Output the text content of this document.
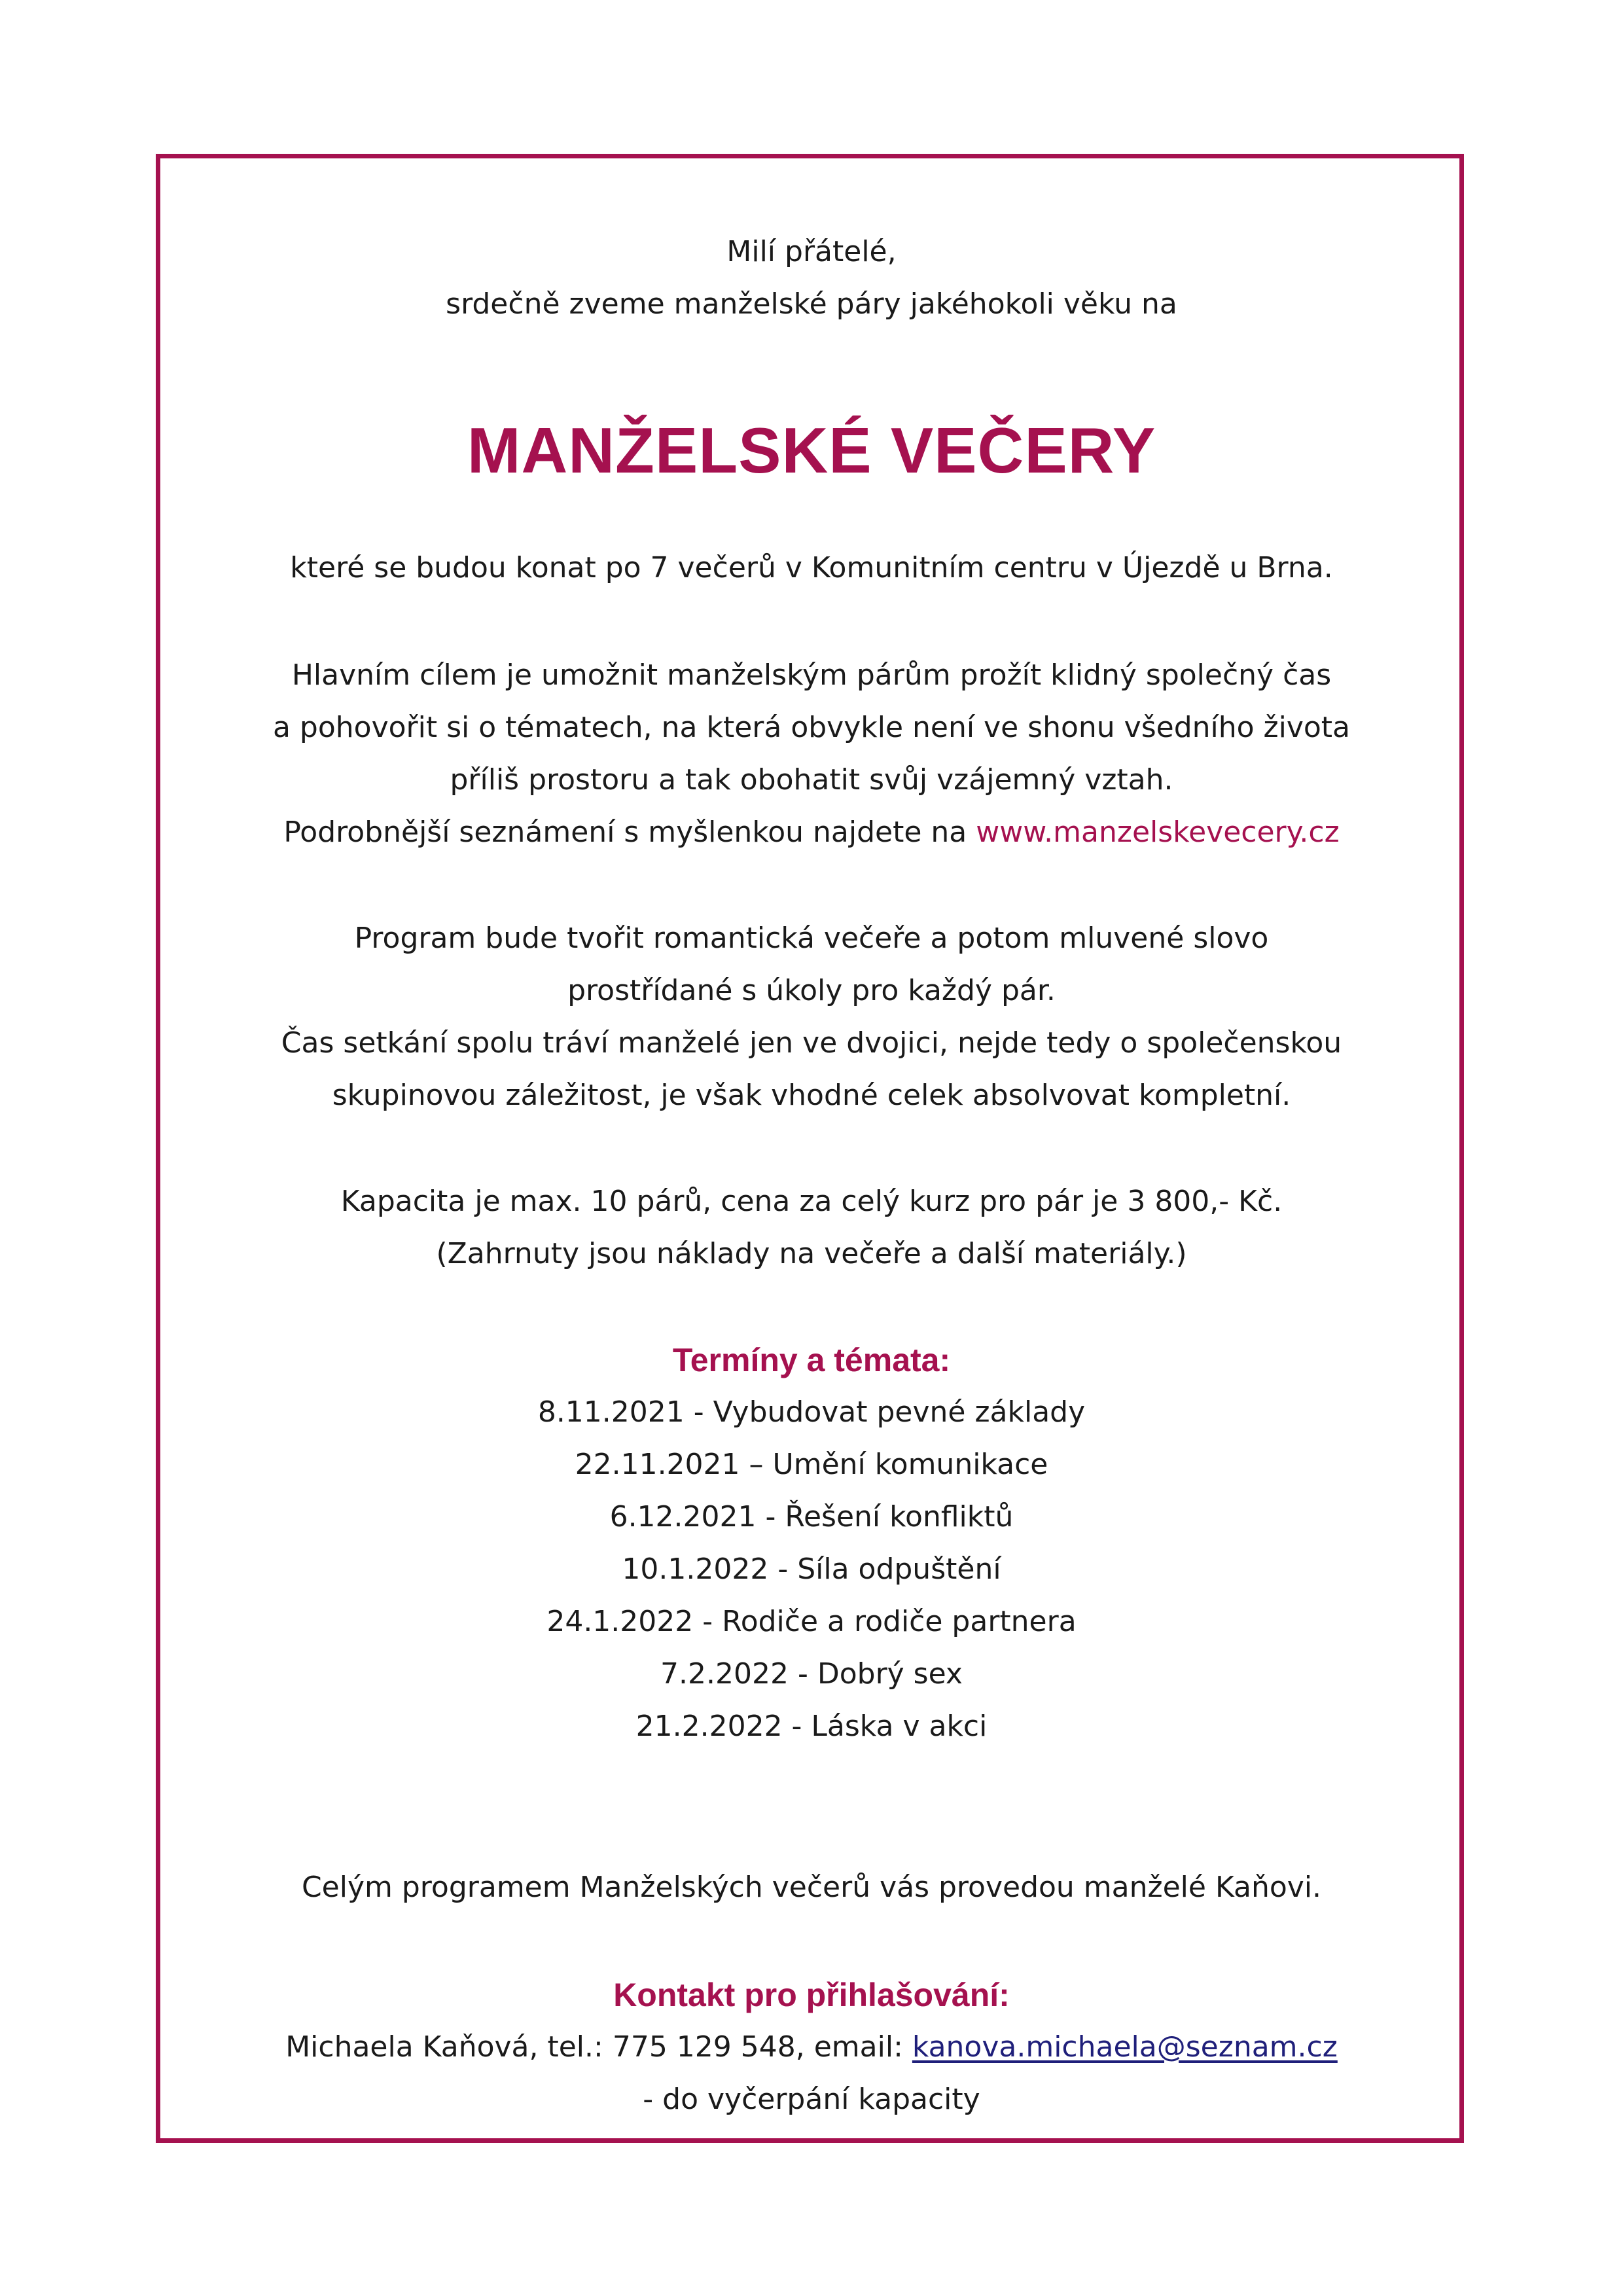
Milí přátelé,
srdečně zveme manželské páry jakéhokoli věku na
MANŽELSKÉ VEČERY
které se budou konat po 7 večerů v Komunitním centru v Újezdě u Brna.
Hlavním cílem je umožnit manželským párům prožít klidný společný čas
a pohovořit si o tématech, na která obvykle není ve shonu všedního života
příliš prostoru a tak obohatit svůj vzájemný vztah.
Podrobnější seznámení s myšlenkou najdete na www.manzelskevecery.cz
Program bude tvořit romantická večeře a potom mluvené slovo
prostřídané s úkoly pro každý pár.
Čas setkání spolu tráví manželé jen ve dvojici, nejde tedy o společenskou
skupinovou záležitost, je však vhodné celek absolvovat kompletní.
Kapacita je max. 10 párů, cena za celý kurz pro pár je 3 800,- Kč.
(Zahrnuty jsou náklady na večeře a další materiály.)
Termíny a témata:
8.11.2021 - Vybudovat pevné základy
22.11.2021 – Umění komunikace
6.12.2021 - Řešení konfliktů
10.1.2022 - Síla odpuštění
24.1.2022 - Rodiče a rodiče partnera
7.2.2022 - Dobrý sex
21.2.2022 - Láska v akci
Celým programem Manželských večerů vás provedou manželé Kaňovi.
Kontakt pro přihlašování:
Michaela Kaňová, tel.: 775 129 548, email: kanova.michaela@seznam.cz
- do vyčerpání kapacity
